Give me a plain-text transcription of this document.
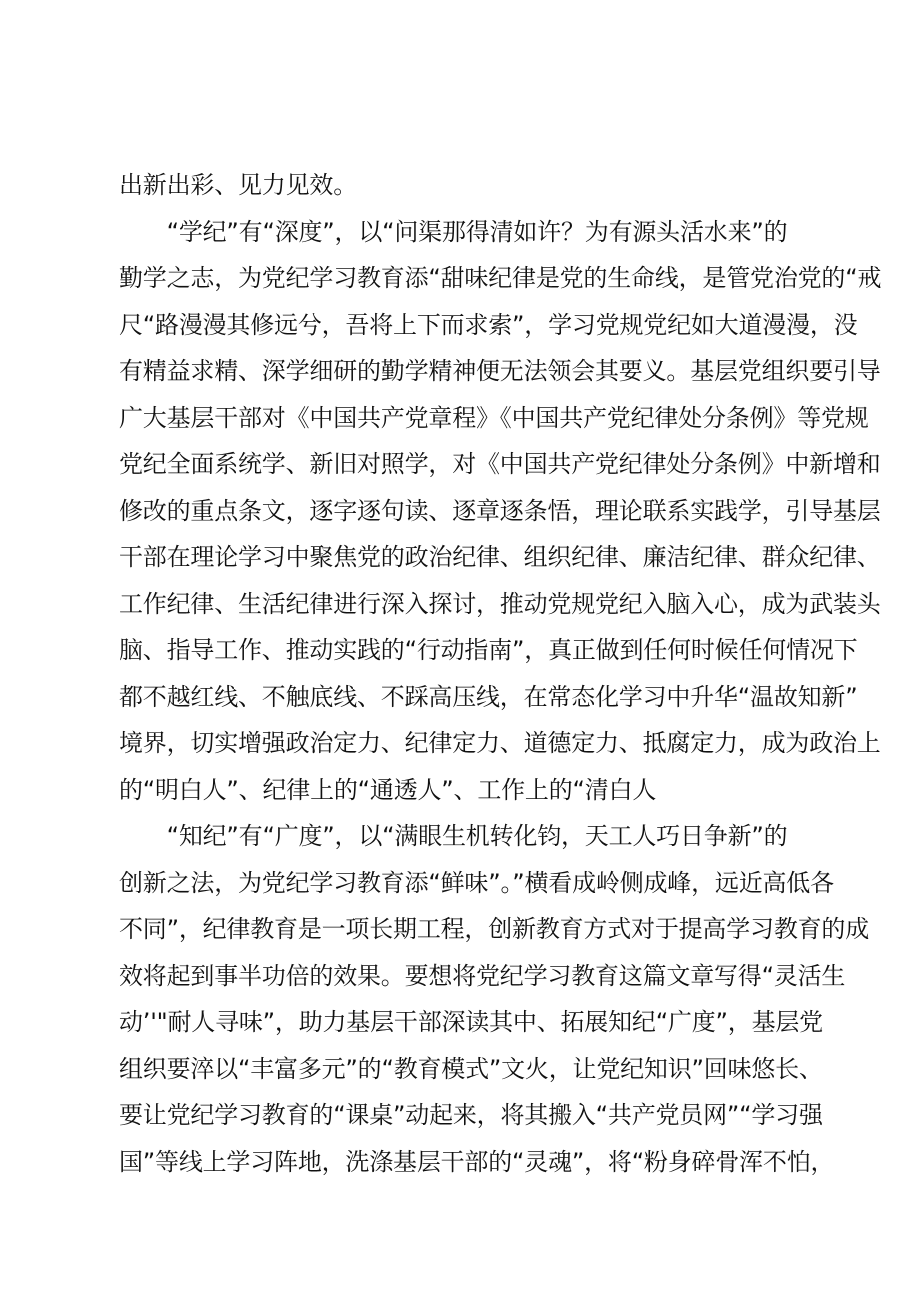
出新出彩、见力见效。
　　“学纪”有“深度”，以“问渠那得清如许？为有源头活水来”的
勤学之志，为党纪学习教育添“甜味纪律是党的生命线，是管党治党的“戒
尺“路漫漫其修远兮，吾将上下而求索”，学习党规党纪如大道漫漫，没
有精益求精、深学细研的勤学精神便无法领会其要义。基层党组织要引导
广大基层干部对《中国共产党章程》《中国共产党纪律处分条例》等党规
党纪全面系统学、新旧对照学，对《中国共产党纪律处分条例》中新增和
修改的重点条文，逐字逐句读、逐章逐条悟，理论联系实践学，引导基层
干部在理论学习中聚焦党的政治纪律、组织纪律、廉洁纪律、群众纪律、
工作纪律、生活纪律进行深入探讨，推动党规党纪入脑入心，成为武装头
脑、指导工作、推动实践的“行动指南”，真正做到任何时候任何情况下
都不越红线、不触底线、不踩高压线，在常态化学习中升华“温故知新”
境界，切实增强政治定力、纪律定力、道德定力、抵腐定力，成为政治上
的“明白人”、纪律上的“通透人”、工作上的“清白人
　　“知纪”有“广度”，以“满眼生机转化钧，天工人巧日争新”的
创新之法，为党纪学习教育添“鲜味”。”横看成岭侧成峰，远近高低各
不同”，纪律教育是一项长期工程，创新教育方式对于提高学习教育的成
效将起到事半功倍的效果。要想将党纪学习教育这篇文章写得“灵活生
动’'"耐人寻味”，助力基层干部深读其中、拓展知纪“广度”，基层党
组织要淬以“丰富多元”的“教育模式”文火，让党纪知识”回味悠长、
要让党纪学习教育的“课桌”动起来，将其搬入“共产党员网”“学习强
国”等线上学习阵地，洗涤基层干部的“灵魂”，将“粉身碎骨浑不怕，
